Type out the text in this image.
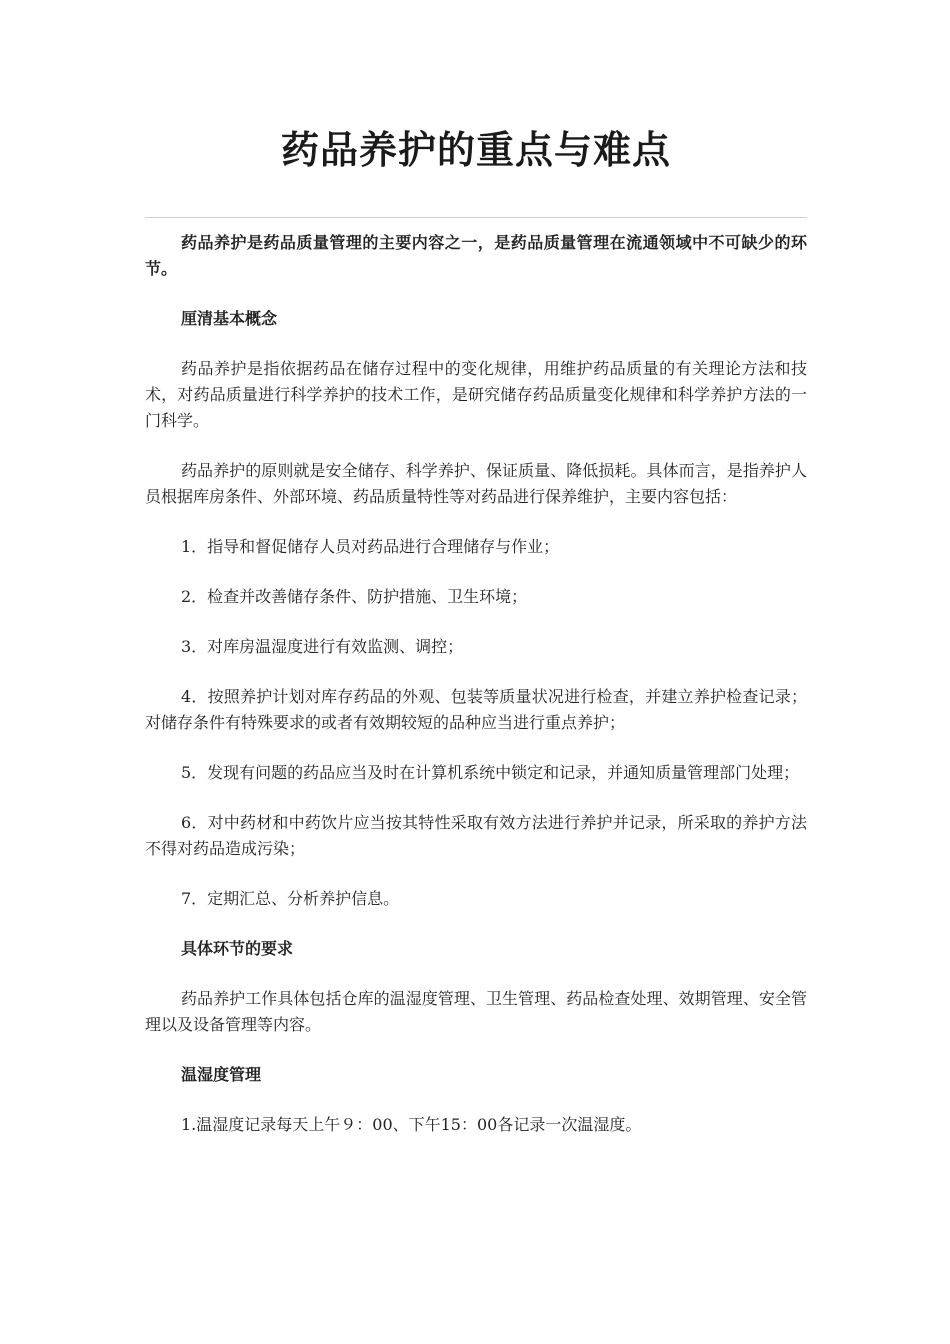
药品养护的重点与难点

药品养护是药品质量管理的主要内容之一，是药品质量管理在流通领域中不可缺少的环节。

厘清基本概念

药品养护是指依据药品在储存过程中的变化规律，用维护药品质量的有关理论方法和技术，对药品质量进行科学养护的技术工作，是研究储存药品质量变化规律和科学养护方法的一门科学。

药品养护的原则就是安全储存、科学养护、保证质量、降低损耗。具体而言，是指养护人员根据库房条件、外部环境、药品质量特性等对药品进行保养维护，主要内容包括：

1．指导和督促储存人员对药品进行合理储存与作业；

2．检查并改善储存条件、防护措施、卫生环境；

3．对库房温湿度进行有效监测、调控；

4．按照养护计划对库存药品的外观、包装等质量状况进行检查，并建立养护检查记录；对储存条件有特殊要求的或者有效期较短的品种应当进行重点养护；

5．发现有问题的药品应当及时在计算机系统中锁定和记录，并通知质量管理部门处理；

6．对中药材和中药饮片应当按其特性采取有效方法进行养护并记录，所采取的养护方法不得对药品造成污染；

7．定期汇总、分析养护信息。

具体环节的要求

药品养护工作具体包括仓库的温湿度管理、卫生管理、药品检查处理、效期管理、安全管理以及设备管理等内容。

温湿度管理

1.温湿度记录每天上午９：00、下午15：00各记录一次温湿度。
